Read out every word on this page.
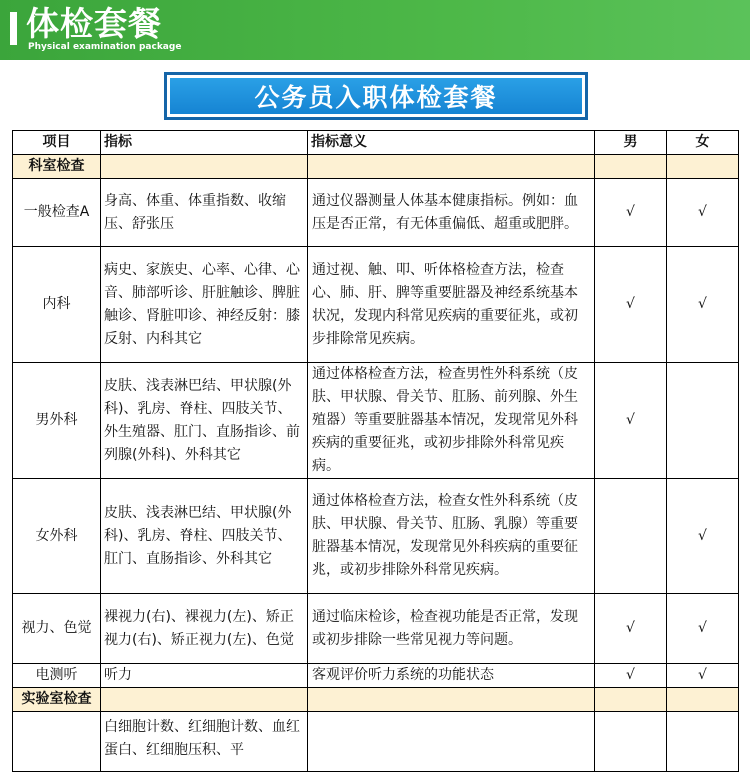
体检套餐
Physical examination package
公务员入职体检套餐
项目	指标	指标意义	男	女
科室检查				
一般检查A	身高、体重、体重指数、收缩压、舒张压	通过仪器测量人体基本健康指标。例如：血压是否正常，有无体重偏低、超重或肥胖。	√	√
内科	病史、家族史、心率、心律、心音、肺部听诊、肝脏触诊、脾脏触诊、肾脏叩诊、神经反射：膝反射、内科其它	通过视、触、叩、听体格检查方法，检查心、肺、肝、脾等重要脏器及神经系统基本状况，发现内科常见疾病的重要征兆，或初步排除常见疾病。	√	√
男外科	皮肤、浅表淋巴结、甲状腺(外科)、乳房、脊柱、四肢关节、外生殖器、肛门、直肠指诊、前列腺(外科)、外科其它	通过体格检查方法，检查男性外科系统（皮肤、甲状腺、骨关节、肛肠、前列腺、外生殖器）等重要脏器基本情况，发现常见外科疾病的重要征兆，或初步排除外科常见疾病。	√	
女外科	皮肤、浅表淋巴结、甲状腺(外科)、乳房、脊柱、四肢关节、肛门、直肠指诊、外科其它	通过体格检查方法，检查女性外科系统（皮肤、甲状腺、骨关节、肛肠、乳腺）等重要脏器基本情况，发现常见外科疾病的重要征兆，或初步排除外科常见疾病。		√
视力、色觉	裸视力(右)、裸视力(左)、矫正视力(右)、矫正视力(左)、色觉	通过临床检诊，检查视功能是否正常，发现或初步排除一些常见视力等问题。	√	√
电测听	听力	客观评价听力系统的功能状态	√	√
实验室检查				
	白细胞计数、红细胞计数、血红蛋白、红细胞压积、平			
